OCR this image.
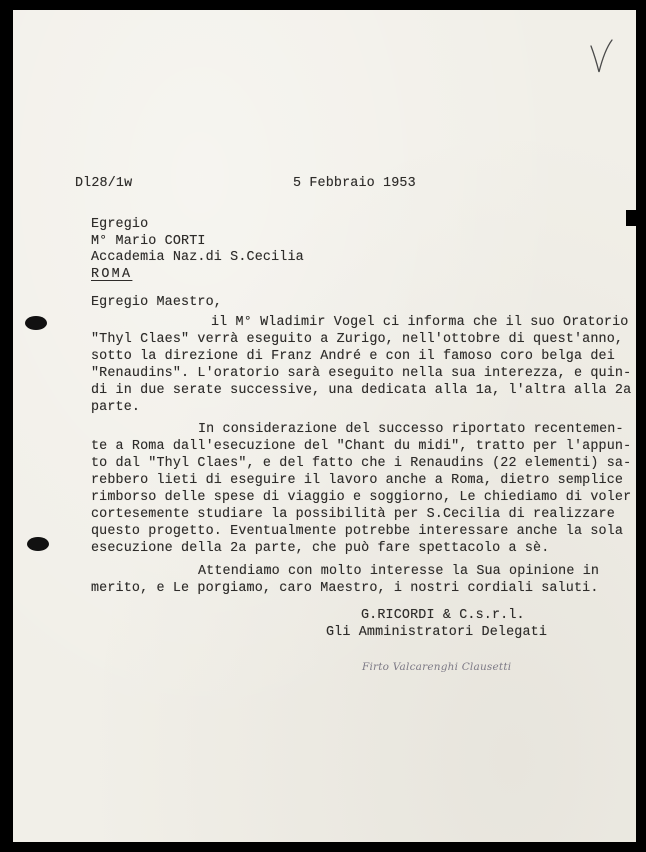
Dl28/1w	5 Febbraio 1953
Egregio
M° Mario CORTI
Accademia Naz.di S.Cecilia
ROMA
Egregio Maestro,
il M° Wladimir Vogel ci informa che il suo Oratorio
"Thyl Claes" verrà eseguito a Zurigo, nell'ottobre di quest'anno,
sotto la direzione di Franz André e con il famoso coro belga dei
"Renaudins". L'oratorio sarà eseguito nella sua interezza, e quin-
di in due serate successive, una dedicata alla 1a, l'altra alla 2a
parte.
In considerazione del successo riportato recentemen-
te a Roma dall'esecuzione del "Chant du midi", tratto per l'appun-
to dal "Thyl Claes", e del fatto che i Renaudins (22 elementi) sa-
rebbero lieti di eseguire il lavoro anche a Roma, dietro semplice
rimborso delle spese di viaggio e soggiorno, Le chiediamo di voler
cortesemente studiare la possibilità per S.Cecilia di realizzare
questo progetto. Eventualmente potrebbe interessare anche la sola
esecuzione della 2a parte, che può fare spettacolo a sè.
Attendiamo con molto interesse la Sua opinione in
merito, e Le porgiamo, caro Maestro, i nostri cordiali saluti.
G.RICORDI & C.s.r.l.
Gli Amministratori Delegati
Firto Valcarenghi Clausetti
